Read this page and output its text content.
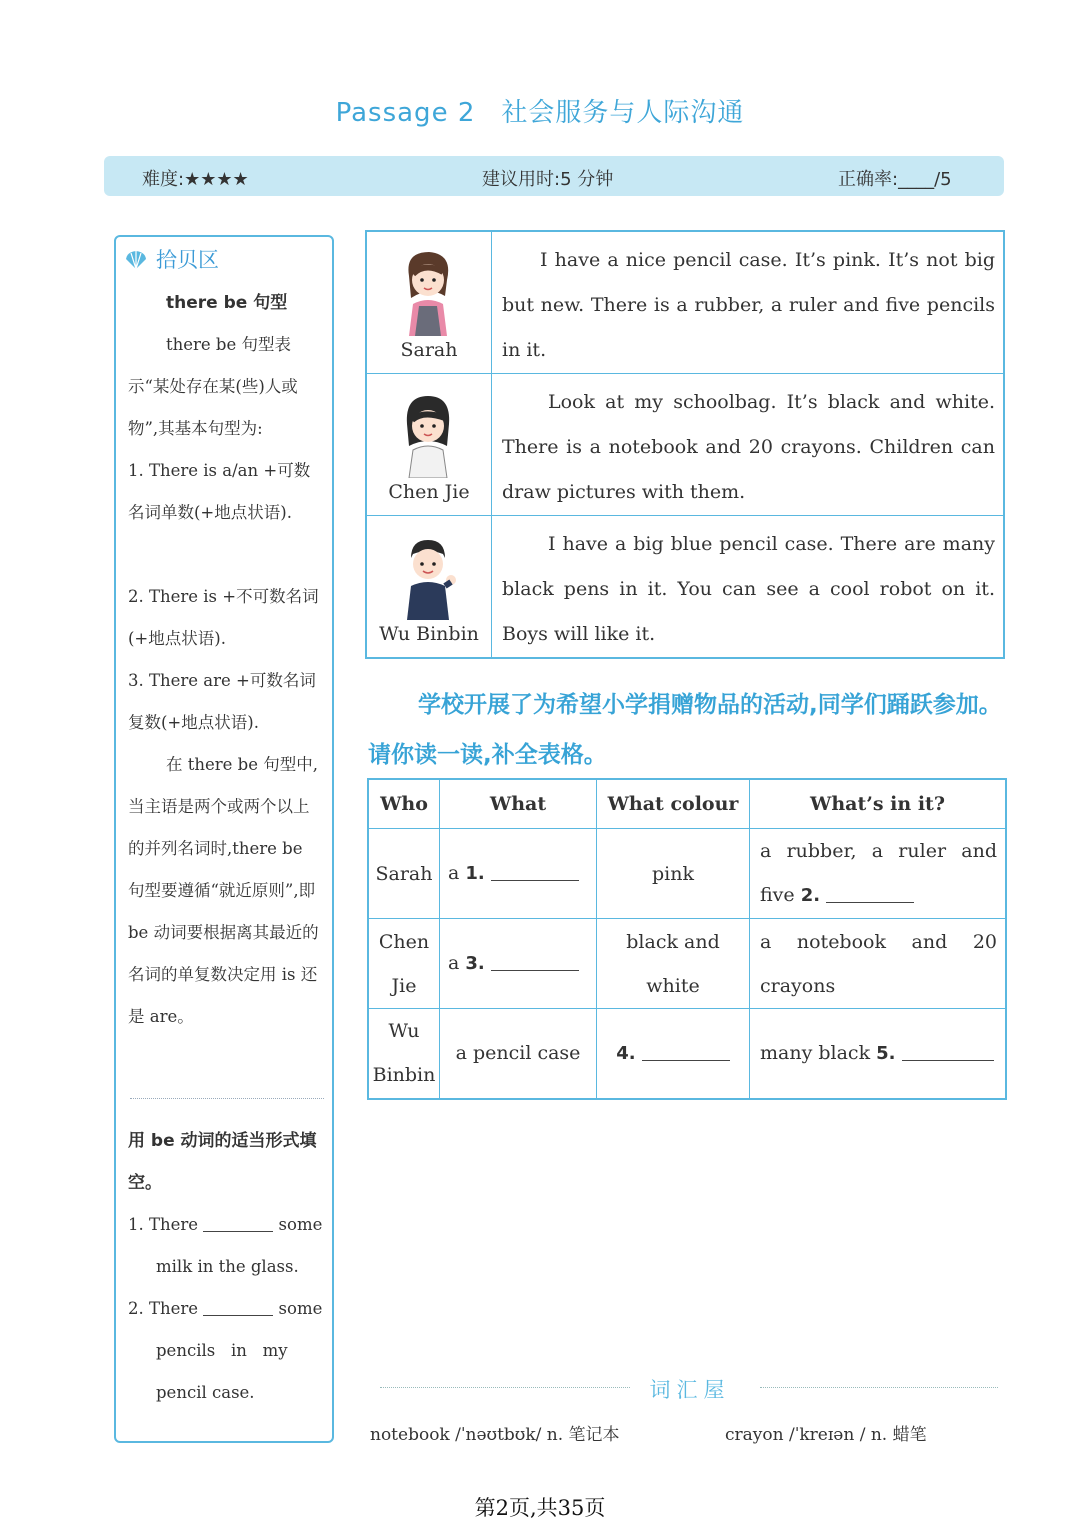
Passage 2 社会服务与人际沟通
难度:★★★★	建议用时:5 分钟	正确率:____/5
拾贝区
there be 句型
there be 句型表示“某处存在某(些)人或物”,其基本句型为:
1. There is a/an +可数名词单数(+地点状语).
2. There is +不可数名词(+地点状语).
3. There are +可数名词复数(+地点状语).
在 there be 句型中,当主语是两个或两个以上的并列名词时,there be 句型要遵循“就近原则”,即 be 动词要根据离其最近的名词的单复数决定用 is 还是 are。
用 be 动词的适当形式填空。
1. There	some
milk in the glass.
2. There	some
pencils   in   my
pencil case.
Sarah	I have a nice pencil case. It’s pink. It’s not big but new. There is a rubber, a ruler and five pencils in it.

Chen Jie	Look at my schoolbag. It’s black and white. There is a notebook and 20 crayons. Children can draw pictures with them.

Wu Binbin	I have a big blue pencil case. There are many black pens in it. You can see a cool robot on it. Boys will like it.
学校开展了为希望小学捐赠物品的活动,同学们踊跃参加。请你读一读,补全表格。
Who	What	What colour	What’s in it?
Sarah	a 1.	pink	a rubber, a ruler and five 2.
Chen Jie	a 3.	black and white	a notebook and 20 crayons
Wu Binbin	a pencil case	4.	many black 5.
词汇屋
notebook /ˈnəʊtbʊk/ n. 笔记本	crayon /ˈkreɪən / n. 蜡笔
第2页,共35页
